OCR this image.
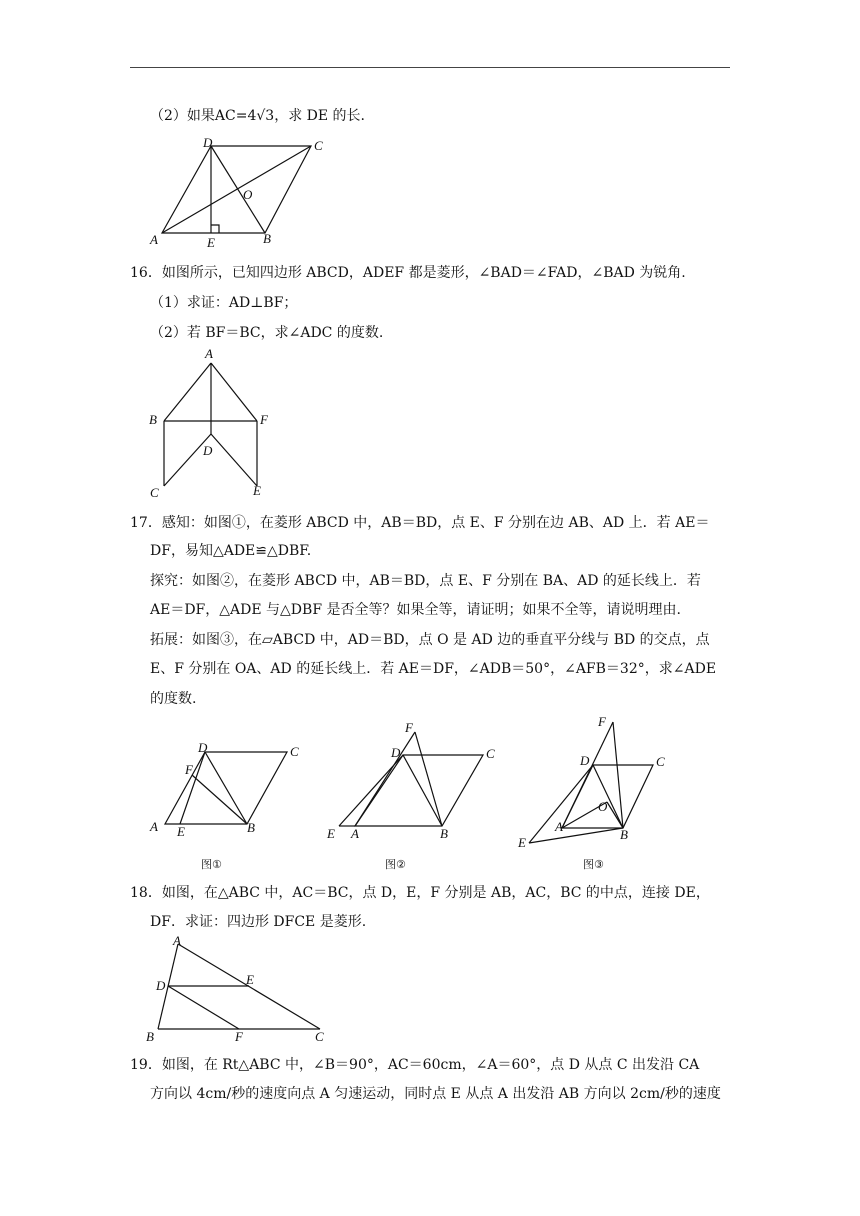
（2）如果AC=4√3，求 DE 的长.
D	C
O
A	E	B
16．如图所示，已知四边形 ABCD，ADEF 都是菱形，∠BAD＝∠FAD，∠BAD 为锐角.
（1）求证：AD⊥BF；
（2）若 BF＝BC，求∠ADC 的度数.
A
B	F
D
C	E
17．感知：如图①，在菱形 ABCD 中，AB＝BD，点 E、F 分别在边 AB、AD 上．若 AE＝
DF，易知△ADE≌△DBF.
探究：如图②，在菱形 ABCD 中，AB＝BD，点 E、F 分别在 BA、AD 的延长线上．若
AE＝DF，△ADE 与△DBF 是否全等？如果全等，请证明；如果不全等，请说明理由.
拓展：如图③，在▱ABCD 中，AD＝BD，点 O 是 AD 边的垂直平分线与 BD 的交点，点
E、F 分别在 OA、AD 的延长线上．若 AE＝DF，∠ADB＝50°，∠AFB＝32°，求∠ADE
的度数.
D	C
F
A E	B
图①
F
D	C
E A	B
图②
F
D	C
O
A
E
B
图③
18．如图，在△ABC 中，AC＝BC，点 D，E，F 分别是 AB，AC，BC 的中点，连接 DE，
DF．求证：四边形 DFCE 是菱形.
A
D	E
B	F	C
19．如图，在 Rt△ABC 中，∠B＝90°，AC＝60cm，∠A＝60°，点 D 从点 C 出发沿 CA
方向以 4cm/秒的速度向点 A 匀速运动，同时点 E 从点 A 出发沿 AB 方向以 2cm/秒的速度
